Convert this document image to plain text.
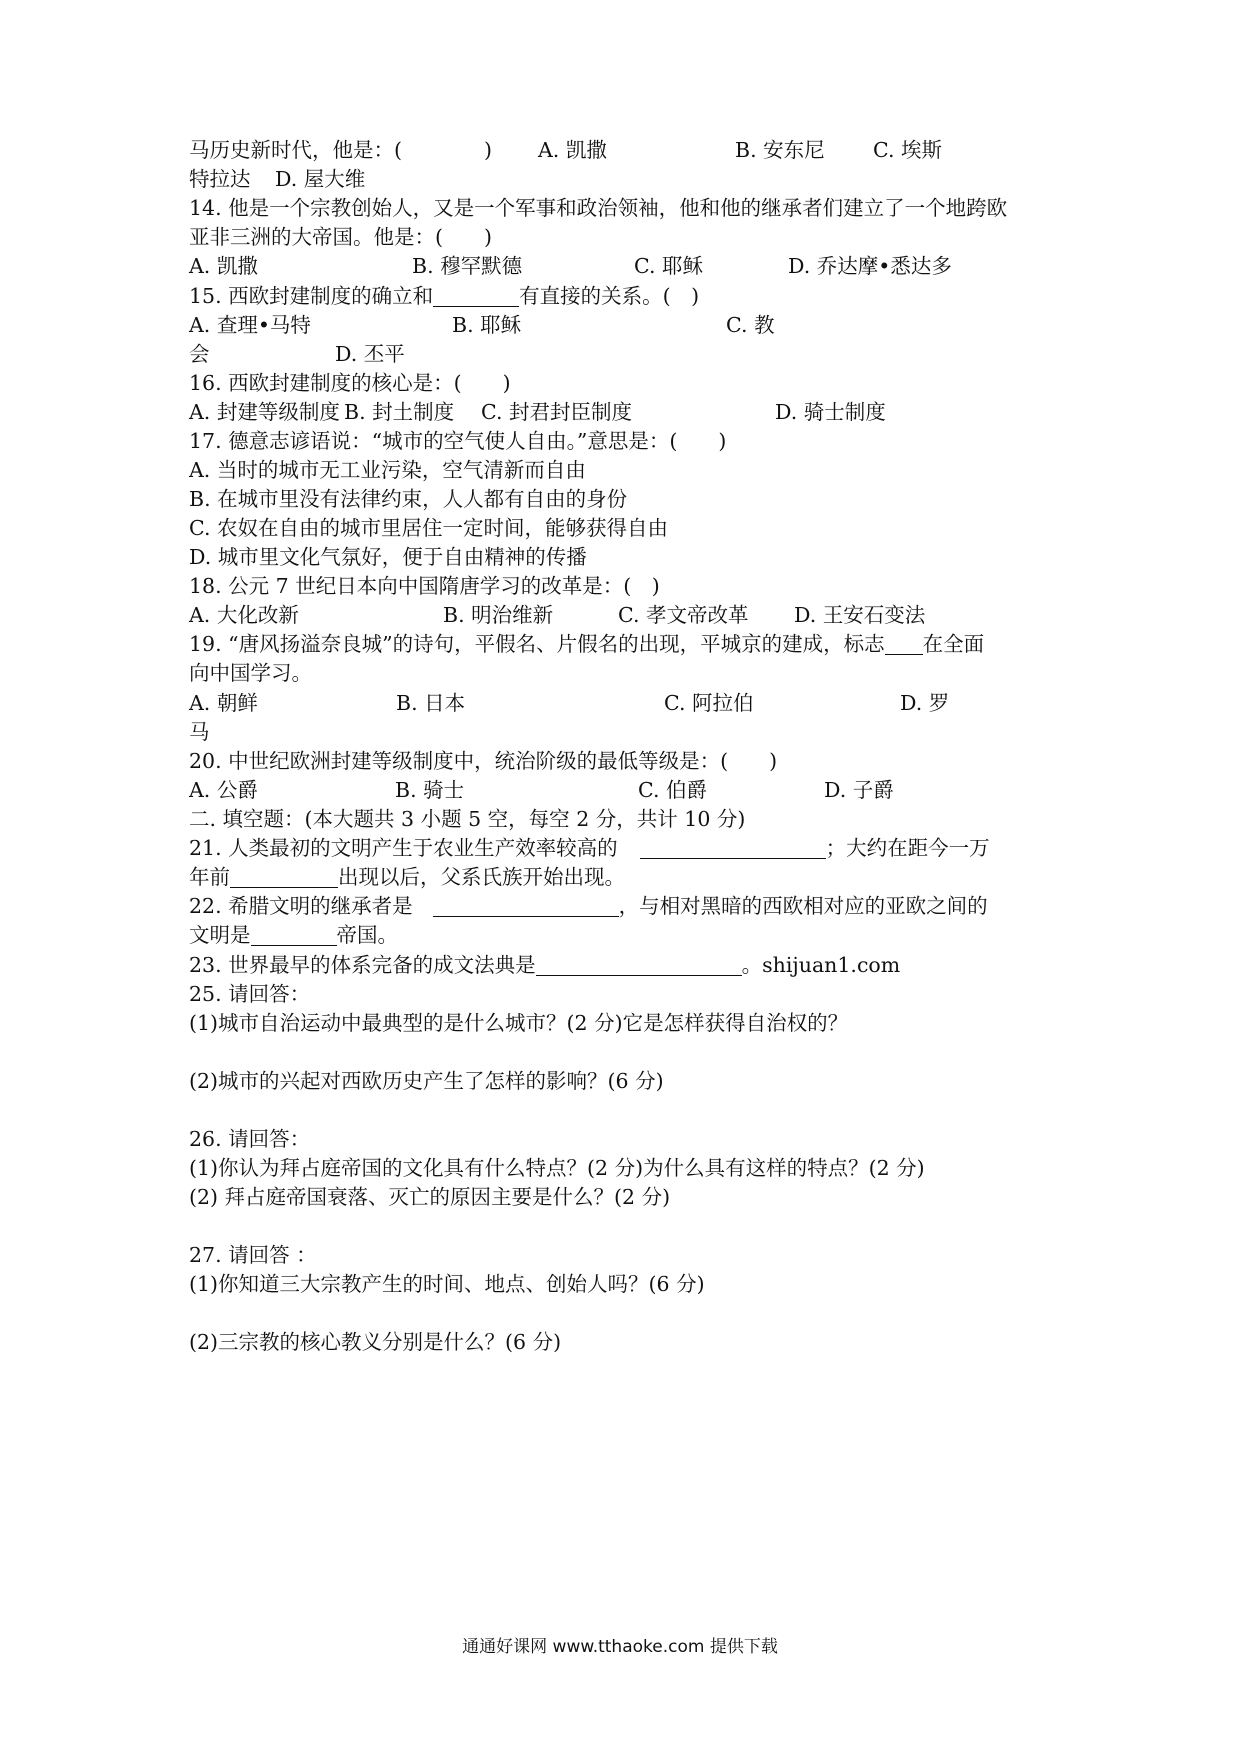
马历史新时代，他是：(　　　　) A. 凯撒	B. 安东尼 C. 埃斯
特拉达 D. 屋大维
14. 他是一个宗教创始人，又是一个军事和政治领袖，他和他的继承者们建立了一个地跨欧
亚非三洲的大帝国。他是：(　　)
A. 凯撒	B. 穆罕默德	C. 耶稣	D. 乔达摩•悉达多
15. 西欧封建制度的确立和	有直接的关系。(　)
A. 查理•马特	B. 耶稣	C. 教
会	D. 丕平
16. 西欧封建制度的核心是：(　　)
A. 封建等级制度 B. 封土制度 C. 封君封臣制度	D. 骑士制度
17. 德意志谚语说：“城市的空气使人自由。”意思是：(　　)
A. 当时的城市无工业污染，空气清新而自由
B. 在城市里没有法律约束，人人都有自由的身份
C. 农奴在自由的城市里居住一定时间，能够获得自由
D. 城市里文化气氛好，便于自由精神的传播
18. 公元 7 世纪日本向中国隋唐学习的改革是：(　)
A. 大化改新	B. 明治维新	C. 孝文帝改革 D. 王安石变法
19. “唐风扬溢奈良城”的诗句，平假名、片假名的出现，平城京的建成，标志 在全面
向中国学习。
A. 朝鲜	B. 日本	C. 阿拉伯	D. 罗
马
20. 中世纪欧洲封建等级制度中，统治阶级的最低等级是：(　　)
A. 公爵	B. 骑士	C. 伯爵	D. 子爵
二. 填空题：(本大题共 3 小题 5 空，每空 2 分，共计 10 分)
21. 人类最初的文明产生于农业生产效率较高的	；大约在距今一万
年前	出现以后，父系氏族开始出现。
22. 希腊文明的继承者是	，与相对黑暗的西欧相对应的亚欧之间的
文明是	帝国。
23. 世界最早的体系完备的成文法典是	。shijuan1.com
25. 请回答：
(1)城市自治运动中最典型的是什么城市？(2 分)它是怎样获得自治权的？
(2)城市的兴起对西欧历史产生了怎样的影响？(6 分)
26. 请回答：
(1)你认为拜占庭帝国的文化具有什么特点？(2 分)为什么具有这样的特点？(2 分)
(2) 拜占庭帝国衰落、灭亡的原因主要是什么？(2 分)
27. 请回答 ：
(1)你知道三大宗教产生的时间、地点、创始人吗？(6 分)
(2)三宗教的核心教义分别是什么？(6 分)
通通好课网 www.tthaoke.com 提供下载
